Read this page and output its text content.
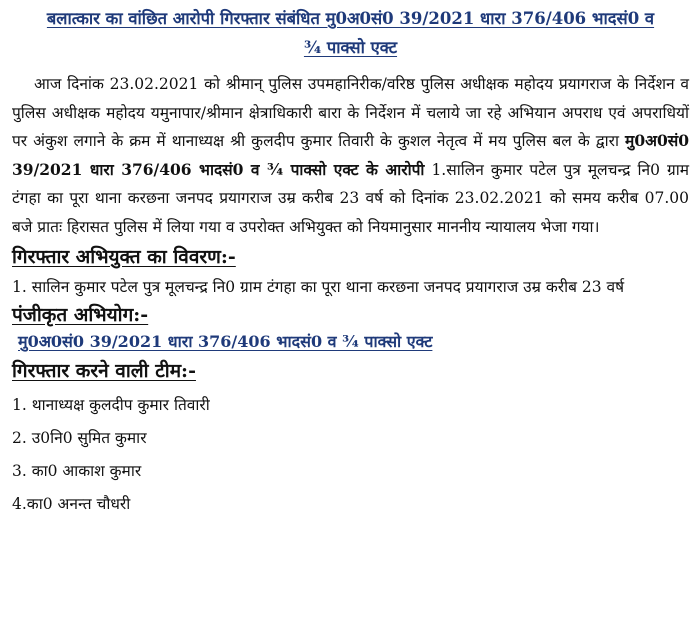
बलात्कार का वांछित आरोपी गिरफ्तार संबंधित मु0अ0सं0 39/2021 धारा 376/406 भादसं0 व
¾ पाक्सो एक्ट

आज दिनांक 23.02.2021 को श्रीमान् पुलिस उपमहानिरीक/वरिष्ठ पुलिस अधीक्षक महोदय प्रयागराज के निर्देशन व पुलिस अधीक्षक महोदय यमुनापार/श्रीमान क्षेत्राधिकारी बारा के निर्देशन में चलाये जा रहे अभियान अपराध एवं अपराधियों पर अंकुश लगाने के क्रम में थानाध्यक्ष श्री कुलदीप कुमार तिवारी के कुशल नेतृत्व में मय पुलिस बल के द्वारा मु0अ0सं0 39/2021 धारा 376/406 भादसं0 व ¾ पाक्सो एक्ट के आरोपी 1.सालिन कुमार पटेल पुत्र मूलचन्द्र नि0 ग्राम टंगहा का पूरा थाना करछना जनपद प्रयागराज उम्र करीब 23 वर्ष को दिनांक 23.02.2021 को समय करीब 07.00 बजे प्रातः हिरासत पुलिस में लिया गया व उपरोक्त अभियुक्त को नियमानुसार माननीय न्यायालय भेजा गया।

गिरफ्तार अभियुक्त का विवरण:-

1. सालिन कुमार पटेल पुत्र मूलचन्द्र नि0 ग्राम टंगहा का पूरा थाना करछना जनपद प्रयागराज उम्र करीब 23 वर्ष

पंजीकृत अभियोग:-
मु0अ0सं0 39/2021 धारा 376/406 भादसं0 व ¾ पाक्सो एक्ट
गिरफ्तार करने वाली टीम:-
1. थानाध्यक्ष कुलदीप कुमार तिवारी
2. उ0नि0 सुमित कुमार
3. का0 आकाश कुमार
4.का0 अनन्त चौधरी
